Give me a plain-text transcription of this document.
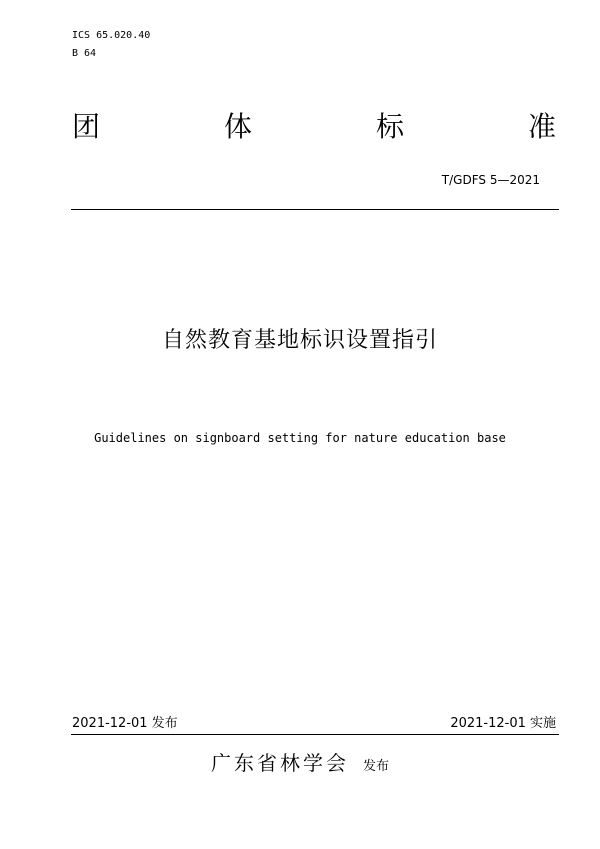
ICS 65.020.40
B 64
团	体	标	准
T/GDFS 5—2021
自然教育基地标识设置指引
Guidelines on signboard setting for nature education base
2021-12-01 发布	2021-12-01 实施
广东省林学会 发布
